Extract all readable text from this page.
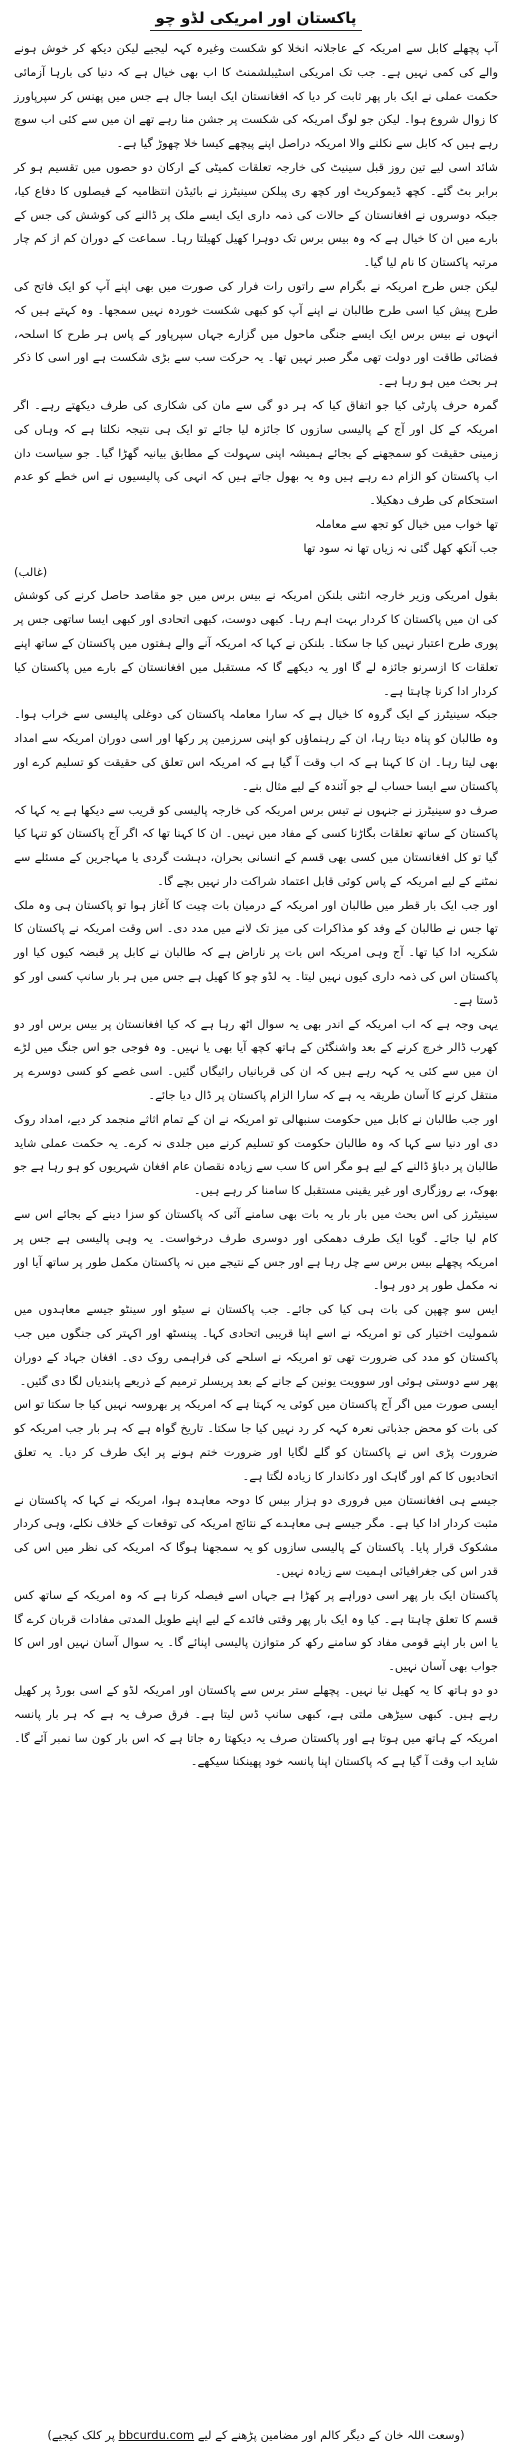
پاکستان اور امریکی لڈو چو

آپ پچھلے کابل سے امریکہ کے عاجلانہ انخلا کو شکست وغیرہ کہہ لیجیے لیکن دیکھ کر خوش ہونے والے کی کمی نہیں ہے۔ جب تک امریکی اسٹیبلشمنٹ کا اب بھی خیال ہے کہ دنیا کی بارہا آزمائی حکمت عملی نے ایک بار پھر ثابت کر دیا کہ افغانستان ایک ایسا جال ہے جس میں پھنس کر سپرپاورز کا زوال شروع ہوا۔ لیکن جو لوگ امریکہ کی شکست پر جشن منا رہے تھے ان میں سے کئی اب سوچ رہے ہیں کہ کابل سے نکلنے والا امریکہ دراصل اپنے پیچھے کیسا خلا چھوڑ گیا ہے۔

شائد اسی لیے تین روز قبل سینیٹ کی خارجہ تعلقات کمیٹی کے ارکان دو حصوں میں تقسیم ہو کر برابر بٹ گئے۔ کچھ ڈیموکریٹ اور کچھ ری پبلکن سینیٹرز نے بائیڈن انتظامیہ کے فیصلوں کا دفاع کیا، جبکہ دوسروں نے افغانستان کے حالات کی ذمہ داری ایک ایسے ملک پر ڈالنے کی کوشش کی جس کے بارے میں ان کا خیال ہے کہ وہ بیس برس تک دوہرا کھیل کھیلتا رہا۔ سماعت کے دوران کم از کم چار مرتبہ پاکستان کا نام لیا گیا۔

لیکن جس طرح امریکہ نے بگرام سے راتوں رات فرار کی صورت میں بھی اپنے آپ کو ایک فاتح کی طرح پیش کیا اسی طرح طالبان نے اپنے آپ کو کبھی شکست خوردہ نہیں سمجھا۔ وہ کہتے ہیں کہ انہوں نے بیس برس ایک ایسے جنگی ماحول میں گزارے جہاں سپرپاور کے پاس ہر طرح کا اسلحہ، فضائی طاقت اور دولت تھی مگر صبر نہیں تھا۔ یہ حرکت سب سے بڑی شکست ہے اور اسی کا ذکر ہر بحث میں ہو رہا ہے۔

گمرہ حرف پارٹی کیا جو اتفاق کیا کہ ہر دو گی سے مان کی شکاری کی طرف دیکھتے رہے۔ اگر امریکہ کے کل اور آج کے پالیسی سازوں کا جائزہ لیا جائے تو ایک ہی نتیجہ نکلتا ہے کہ وہاں کی زمینی حقیقت کو سمجھنے کے بجائے ہمیشہ اپنی سہولت کے مطابق بیانیہ گھڑا گیا۔ جو سیاست دان اب پاکستان کو الزام دے رہے ہیں وہ یہ بھول جاتے ہیں کہ انہی کی پالیسیوں نے اس خطے کو عدم استحکام کی طرف دھکیلا۔

تھا خواب میں خیال کو تجھ سے معاملہ

جب آنکھ کھل گئی نہ زیاں تھا نہ سود تھا

(غالب)

بقول امریکی وزیر خارجہ انٹنی بلنکن امریکہ نے بیس برس میں جو مقاصد حاصل کرنے کی کوشش کی ان میں پاکستان کا کردار بہت اہم رہا۔ کبھی دوست، کبھی اتحادی اور کبھی ایسا ساتھی جس پر پوری طرح اعتبار نہیں کیا جا سکتا۔ بلنکن نے کہا کہ امریکہ آنے والے ہفتوں میں پاکستان کے ساتھ اپنے تعلقات کا ازسرنو جائزہ لے گا اور یہ دیکھے گا کہ مستقبل میں افغانستان کے بارے میں پاکستان کیا کردار ادا کرنا چاہتا ہے۔

جبکہ سینیٹرز کے ایک گروہ کا خیال ہے کہ سارا معاملہ پاکستان کی دوغلی پالیسی سے خراب ہوا۔ وہ طالبان کو پناہ دیتا رہا، ان کے رہنماؤں کو اپنی سرزمین پر رکھا اور اسی دوران امریکہ سے امداد بھی لیتا رہا۔ ان کا کہنا ہے کہ اب وقت آ گیا ہے کہ امریکہ اس تعلق کی حقیقت کو تسلیم کرے اور پاکستان سے ایسا حساب لے جو آئندہ کے لیے مثال بنے۔

صرف دو سینیٹرز نے جنہوں نے تیس برس امریکہ کی خارجہ پالیسی کو قریب سے دیکھا ہے یہ کہا کہ پاکستان کے ساتھ تعلقات بگاڑنا کسی کے مفاد میں نہیں۔ ان کا کہنا تھا کہ اگر آج پاکستان کو تنہا کیا گیا تو کل افغانستان میں کسی بھی قسم کے انسانی بحران، دہشت گردی یا مہاجرین کے مسئلے سے نمٹنے کے لیے امریکہ کے پاس کوئی قابل اعتماد شراکت دار نہیں بچے گا۔

اور جب ایک بار قطر میں طالبان اور امریکہ کے درمیان بات چیت کا آغاز ہوا تو پاکستان ہی وہ ملک تھا جس نے طالبان کے وفد کو مذاکرات کی میز تک لانے میں مدد دی۔ اس وقت امریکہ نے پاکستان کا شکریہ ادا کیا تھا۔ آج وہی امریکہ اس بات پر ناراض ہے کہ طالبان نے کابل پر قبضہ کیوں کیا اور پاکستان اس کی ذمہ داری کیوں نہیں لیتا۔ یہ لڈو چو کا کھیل ہے جس میں ہر بار سانپ کسی اور کو ڈستا ہے۔

یہی وجہ ہے کہ اب امریکہ کے اندر بھی یہ سوال اٹھ رہا ہے کہ کیا افغانستان پر بیس برس اور دو کھرب ڈالر خرچ کرنے کے بعد واشنگٹن کے ہاتھ کچھ آیا بھی یا نہیں۔ وہ فوجی جو اس جنگ میں لڑے ان میں سے کئی یہ کہہ رہے ہیں کہ ان کی قربانیاں رائیگاں گئیں۔ اسی غصے کو کسی دوسرے پر منتقل کرنے کا آسان طریقہ یہ ہے کہ سارا الزام پاکستان پر ڈال دیا جائے۔

اور جب طالبان نے کابل میں حکومت سنبھالی تو امریکہ نے ان کے تمام اثاثے منجمد کر دیے، امداد روک دی اور دنیا سے کہا کہ وہ طالبان حکومت کو تسلیم کرنے میں جلدی نہ کرے۔ یہ حکمت عملی شاید طالبان پر دباؤ ڈالنے کے لیے ہو مگر اس کا سب سے زیادہ نقصان عام افغان شہریوں کو ہو رہا ہے جو بھوک، بے روزگاری اور غیر یقینی مستقبل کا سامنا کر رہے ہیں۔

سینیٹرز کی اس بحث میں بار بار یہ بات بھی سامنے آئی کہ پاکستان کو سزا دینے کے بجائے اس سے کام لیا جائے۔ گویا ایک طرف دھمکی اور دوسری طرف درخواست۔ یہ وہی پالیسی ہے جس پر امریکہ پچھلے بیس برس سے چل رہا ہے اور جس کے نتیجے میں نہ پاکستان مکمل طور پر ساتھ آیا اور نہ مکمل طور پر دور ہوا۔

ایس سو چھپن کی بات ہی کیا کی جائے۔ جب پاکستان نے سیٹو اور سینٹو جیسے معاہدوں میں شمولیت اختیار کی تو امریکہ نے اسے اپنا قریبی اتحادی کہا۔ پینسٹھ اور اکہتر کی جنگوں میں جب پاکستان کو مدد کی ضرورت تھی تو امریکہ نے اسلحے کی فراہمی روک دی۔ افغان جہاد کے دوران پھر سے دوستی ہوئی اور سوویت یونین کے جانے کے بعد پریسلر ترمیم کے ذریعے پابندیاں لگا دی گئیں۔

ایسی صورت میں اگر آج پاکستان میں کوئی یہ کہتا ہے کہ امریکہ پر بھروسہ نہیں کیا جا سکتا تو اس کی بات کو محض جذباتی نعرہ کہہ کر رد نہیں کیا جا سکتا۔ تاریخ گواہ ہے کہ ہر بار جب امریکہ کو ضرورت پڑی اس نے پاکستان کو گلے لگایا اور ضرورت ختم ہونے پر ایک طرف کر دیا۔ یہ تعلق اتحادیوں کا کم اور گاہک اور دکاندار کا زیادہ لگتا ہے۔

جیسے ہی افغانستان میں فروری دو ہزار بیس کا دوحہ معاہدہ ہوا، امریکہ نے کہا کہ پاکستان نے مثبت کردار ادا کیا ہے۔ مگر جیسے ہی معاہدے کے نتائج امریکہ کی توقعات کے خلاف نکلے، وہی کردار مشکوک قرار پایا۔ پاکستان کے پالیسی سازوں کو یہ سمجھنا ہوگا کہ امریکہ کی نظر میں اس کی قدر اس کی جغرافیائی اہمیت سے زیادہ نہیں۔

پاکستان ایک بار پھر اسی دوراہے پر کھڑا ہے جہاں اسے فیصلہ کرنا ہے کہ وہ امریکہ کے ساتھ کس قسم کا تعلق چاہتا ہے۔ کیا وہ ایک بار پھر وقتی فائدے کے لیے اپنے طویل المدتی مفادات قربان کرے گا یا اس بار اپنے قومی مفاد کو سامنے رکھ کر متوازن پالیسی اپنائے گا۔ یہ سوال آسان نہیں اور اس کا جواب بھی آسان نہیں۔

دو دو ہاتھ کا یہ کھیل نیا نہیں۔ پچھلے ستر برس سے پاکستان اور امریکہ لڈو کے اسی بورڈ پر کھیل رہے ہیں۔ کبھی سیڑھی ملتی ہے، کبھی سانپ ڈس لیتا ہے۔ فرق صرف یہ ہے کہ ہر بار پانسہ امریکہ کے ہاتھ میں ہوتا ہے اور پاکستان صرف یہ دیکھتا رہ جاتا ہے کہ اس بار کون سا نمبر آئے گا۔ شاید اب وقت آ گیا ہے کہ پاکستان اپنا پانسہ خود پھینکنا سیکھے۔

(وسعت اللہ خان کے دیگر کالم اور مضامین پڑھنے کے لیے bbcurdu.com پر کلک کیجیے)
